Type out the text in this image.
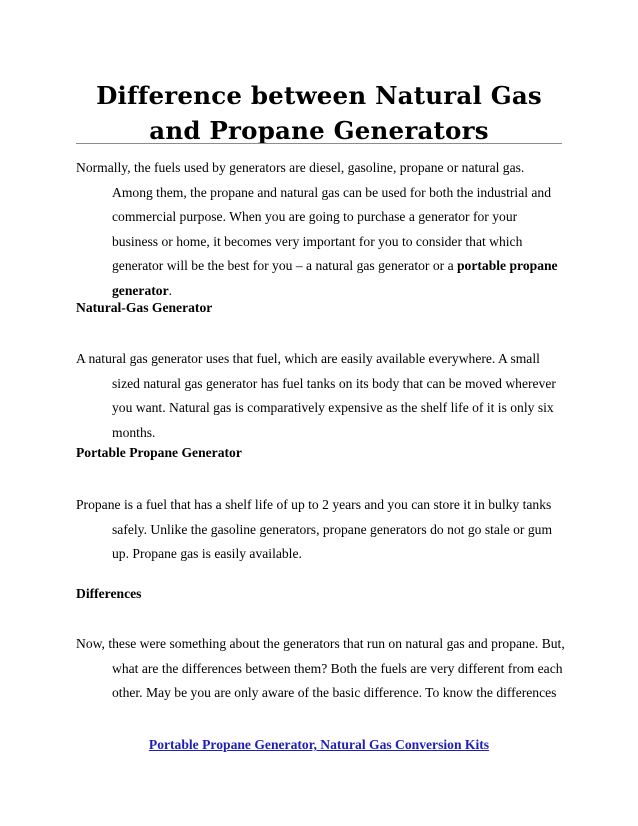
Difference between Natural Gas and Propane Generators

Normally, the fuels used by generators are diesel, gasoline, propane or natural gas. Among them, the propane and natural gas can be used for both the industrial and commercial purpose. When you are going to purchase a generator for your business or home, it becomes very important for you to consider that which generator will be the best for you – a natural gas generator or a portable propane generator.

Natural-Gas Generator

A natural gas generator uses that fuel, which are easily available everywhere. A small sized natural gas generator has fuel tanks on its body that can be moved wherever you want. Natural gas is comparatively expensive as the shelf life of it is only six months.

Portable Propane Generator

Propane is a fuel that has a shelf life of up to 2 years and you can store it in bulky tanks safely. Unlike the gasoline generators, propane generators do not go stale or gum up. Propane gas is easily available.

Differences

Now, these were something about the generators that run on natural gas and propane. But, what are the differences between them? Both the fuels are very different from each other. May be you are only aware of the basic difference. To know the differences

Portable Propane Generator, Natural Gas Conversion Kits
